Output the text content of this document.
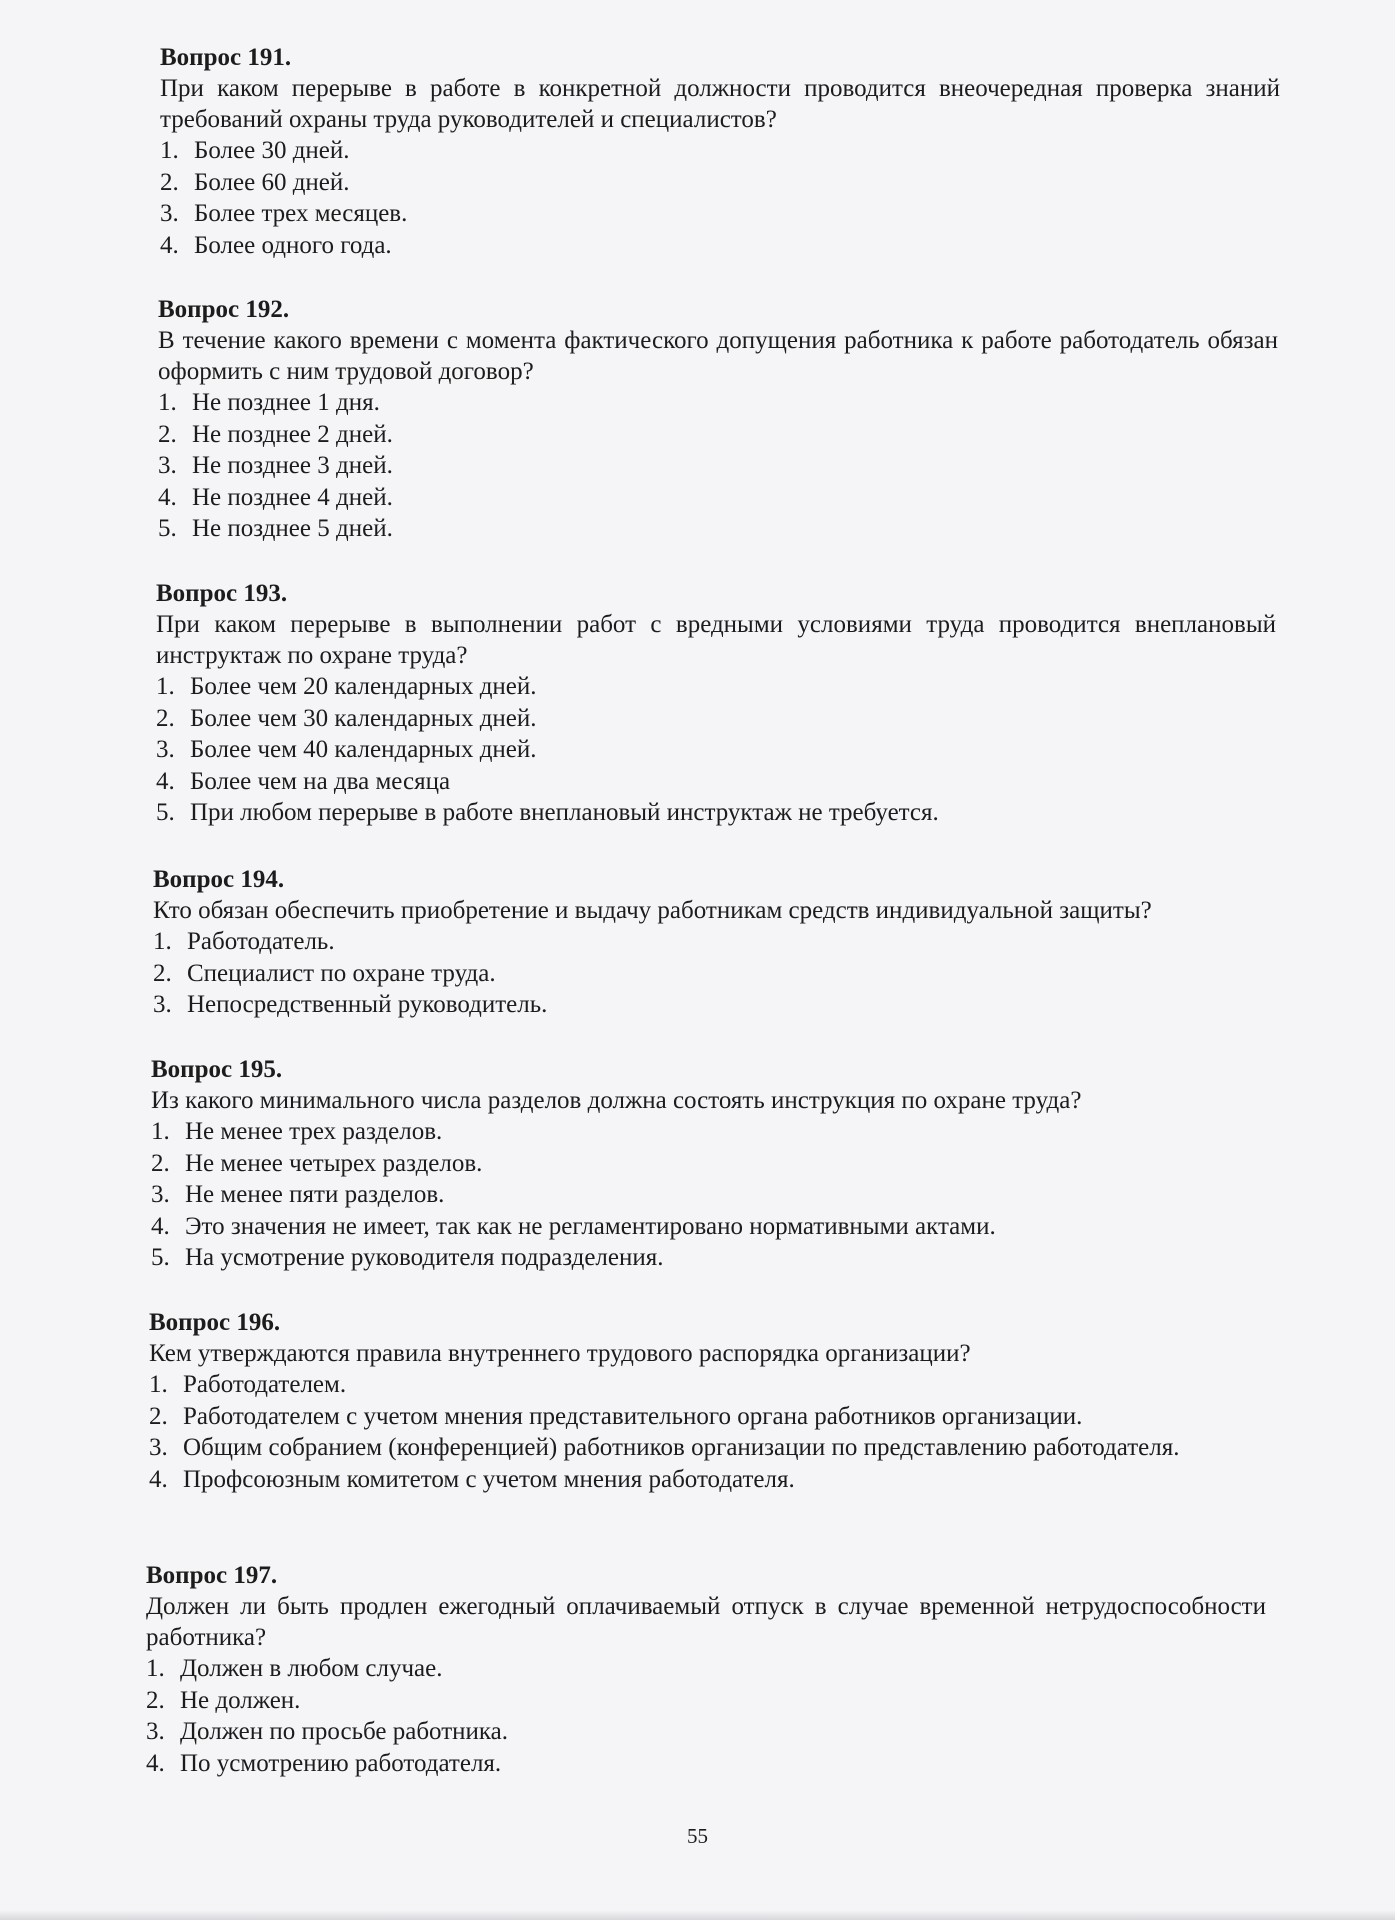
Вопрос 191.

При каком перерыве в работе в конкретной должности проводится внеочередная проверка знаний требований охраны труда руководителей и специалистов?

1. Более 30 дней.
2. Более 60 дней.
3. Более трех месяцев.
4. Более одного года.

Вопрос 192.

В течение какого времени с момента фактического допущения работника к работе работодатель обязан оформить с ним трудовой договор?

1. Не позднее 1 дня.
2. Не позднее 2 дней.
3. Не позднее 3 дней.
4. Не позднее 4 дней.
5. Не позднее 5 дней.

Вопрос 193.

При каком перерыве в выполнении работ с вредными условиями труда проводится внеплановый инструктаж по охране труда?

1. Более чем 20 календарных дней.
2. Более чем 30 календарных дней.
3. Более чем 40 календарных дней.
4. Более чем на два месяца
5. При любом перерыве в работе внеплановый инструктаж не требуется.

Вопрос 194.

Кто обязан обеспечить приобретение и выдачу работникам средств индивидуальной защиты?

1. Работодатель.
2. Специалист по охране труда.
3. Непосредственный руководитель.

Вопрос 195.

Из какого минимального числа разделов должна состоять инструкция по охране труда?

1. Не менее трех разделов.
2. Не менее четырех разделов.
3. Не менее пяти разделов.
4. Это значения не имеет, так как не регламентировано нормативными актами.
5. На усмотрение руководителя подразделения.

Вопрос 196.

Кем утверждаются правила внутреннего трудового распорядка организации?

1. Работодателем.
2. Работодателем с учетом мнения представительного органа работников организации.
3. Общим собранием (конференцией) работников организации по представлению работодателя.
4. Профсоюзным комитетом с учетом мнения работодателя.

Вопрос 197.

Должен ли быть продлен ежегодный оплачиваемый отпуск в случае временной нетрудоспособности работника?

1. Должен в любом случае.
2. Не должен.
3. Должен по просьбе работника.
4. По усмотрению работодателя.
55
